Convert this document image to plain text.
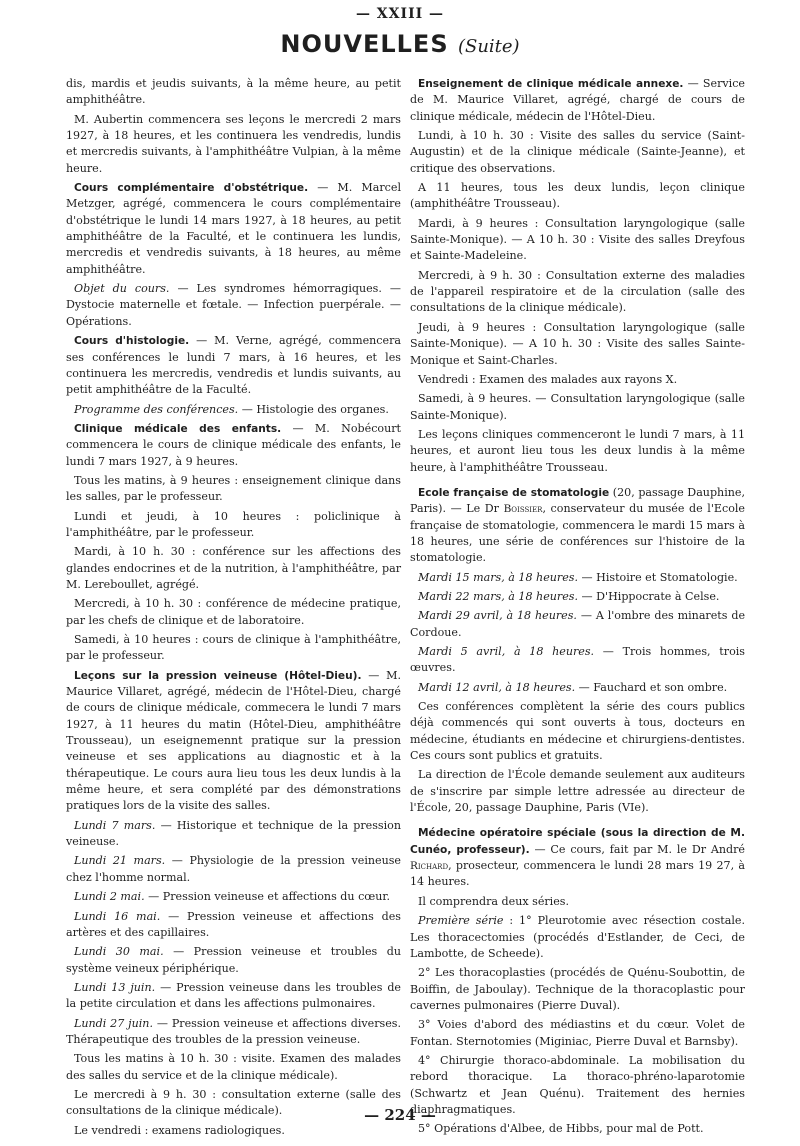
— XXIII —
NOUVELLES (Suite)

dis, mardis et jeudis suivants, à la même heure, au petit amphithéâtre.

M. Aubertin commencera ses leçons le mercredi 2 mars 1927, à 18 heures, et les continuera les vendredis, lundis et mercredis suivants, à l'amphithéâtre Vulpian, à la même heure.

Cours complémentaire d'obstétrique. — M. Marcel Metzger, agrégé, commencera le cours complémentaire d'obstétrique le lundi 14 mars 1927, à 18 heures, au petit amphithéâtre de la Faculté, et le continuera les lundis, mercredis et vendredis suivants, à 18 heures, au même amphithéâtre.

Objet du cours. — Les syndromes hémorragiques. — Dystocie maternelle et fœtale. — Infection puerpérale. — Opérations.

Cours d'histologie. — M. Verne, agrégé, commencera ses conférences le lundi 7 mars, à 16 heures, et les continuera les mercredis, vendredis et lundis suivants, au petit amphithéâtre de la Faculté.

Programme des conférences. — Histologie des organes.

Clinique médicale des enfants. — M. Nobécourt commencera le cours de clinique médicale des enfants, le lundi 7 mars 1927, à 9 heures.

Tous les matins, à 9 heures : enseignement clinique dans les salles, par le professeur.

Lundi et jeudi, à 10 heures : policlinique à l'amphithéâtre, par le professeur.

Mardi, à 10 h. 30 : conférence sur les affections des glandes endocrines et de la nutrition, à l'amphithéâtre, par M. Lereboullet, agrégé.

Mercredi, à 10 h. 30 : conférence de médecine pratique, par les chefs de clinique et de laboratoire.

Samedi, à 10 heures : cours de clinique à l'amphithéâtre, par le professeur.

Leçons sur la pression veineuse (Hôtel-Dieu). — M. Maurice Villaret, agrégé, médecin de l'Hôtel-Dieu, chargé de cours de clinique médicale, commecera le lundi 7 mars 1927, à 11 heures du matin (Hôtel-Dieu, amphithéâtre Trousseau), un eseignemennt pratique sur la pression veineuse et ses applications au diagnostic et à la thérapeutique. Le cours aura lieu tous les deux lundis à la même heure, et sera complété par des démonstrations pratiques lors de la visite des salles.

Lundi 7 mars. — Historique et technique de la pression veineuse.

Lundi 21 mars. — Physiologie de la pression veineuse chez l'homme normal.

Lundi 2 mai. — Pression veineuse et affections du cœur.

Lundi 16 mai. — Pression veineuse et affections des artères et des capillaires.

Lundi 30 mai. — Pression veineuse et troubles du système veineux périphérique.

Lundi 13 juin. — Pression veineuse dans les troubles de la petite circulation et dans les affections pulmonaires.

Lundi 27 juin. — Pression veineuse et affections diverses. Thérapeutique des troubles de la pression veineuse.

Tous les matins à 10 h. 30 : visite. Examen des malades des salles du service et de la clinique médicale).

Le mercredi à 9 h. 30 : consultation externe (salle des consultations de la clinique médicale).

Le vendredi : examens radiologiques.

Enseignement de clinique médicale annexe. — Service de M. Maurice Villaret, agrégé, chargé de cours de clinique médicale, médecin de l'Hôtel-Dieu.

Lundi, à 10 h. 30 : Visite des salles du service (Saint-Augustin) et de la clinique médicale (Sainte-Jeanne), et critique des observations.

A 11 heures, tous les deux lundis, leçon clinique (amphithéâtre Trousseau).

Mardi, à 9 heures : Consultation laryngologique (salle Sainte-Monique). — A 10 h. 30 : Visite des salles Dreyfous et Sainte-Madeleine.

Mercredi, à 9 h. 30 : Consultation externe des maladies de l'appareil respiratoire et de la circulation (salle des consultations de la clinique médicale).

Jeudi, à 9 heures : Consultation laryngologique (salle Sainte-Monique). — A 10 h. 30 : Visite des salles Sainte-Monique et Saint-Charles.

Vendredi : Examen des malades aux rayons X.

Samedi, à 9 heures. — Consultation laryngologique (salle Sainte-Monique).

Les leçons cliniques commenceront le lundi 7 mars, à 11 heures, et auront lieu tous les deux lundis à la même heure, à l'amphithéâtre Trousseau.

Ecole française de stomatologie (20, passage Dauphine, Paris). — Le Dr Boissier, conservateur du musée de l'Ecole française de stomatologie, commencera le mardi 15 mars à 18 heures, une série de conférences sur l'histoire de la stomatologie.

Mardi 15 mars, à 18 heures. — Histoire et Stomatologie.

Mardi 22 mars, à 18 heures. — D'Hippocrate à Celse.

Mardi 29 avril, à 18 heures. — A l'ombre des minarets de Cordoue.

Mardi 5 avril, à 18 heures. — Trois hommes, trois œuvres.

Mardi 12 avril, à 18 heures. — Fauchard et son ombre.

Ces conférences complètent la série des cours publics déjà commencés qui sont ouverts à tous, docteurs en médecine, étudiants en médecine et chirurgiens-dentistes. Ces cours sont publics et gratuits.

La direction de l'École demande seulement aux auditeurs de s'inscrire par simple lettre adressée au directeur de l'École, 20, passage Dauphine, Paris (VIe).

Médecine opératoire spéciale (sous la direction de M. Cunéo, professeur). — Ce cours, fait par M. le Dr André Richard, prosecteur, commencera le lundi 28 mars 19 27, à 14 heures.

Il comprendra deux séries.

Première série : 1° Pleurotomie avec résection costale. Les thoracectomies (procédés d'Estlander, de Ceci, de Lambotte, de Scheede).

2° Les thoracoplasties (procédés de Quénu-Soubottin, de Boiffin, de Jaboulay). Technique de la thoracoplastic pour cavernes pulmonaires (Pierre Duval).

3° Voies d'abord des médiastins et du cœur. Volet de Fontan. Sternotomies (Miginiac, Pierre Duval et Barnsby).

4° Chirurgie thoraco-abdominale. La mobilisation du rebord thoracique. La thoraco-phréno-laparotomie (Schwartz et Jean Quénu). Traitement des hernies diaphragmatiques.

5° Opérations d'Albee, de Hibbs, pour mal de Pott.

— 224 —
